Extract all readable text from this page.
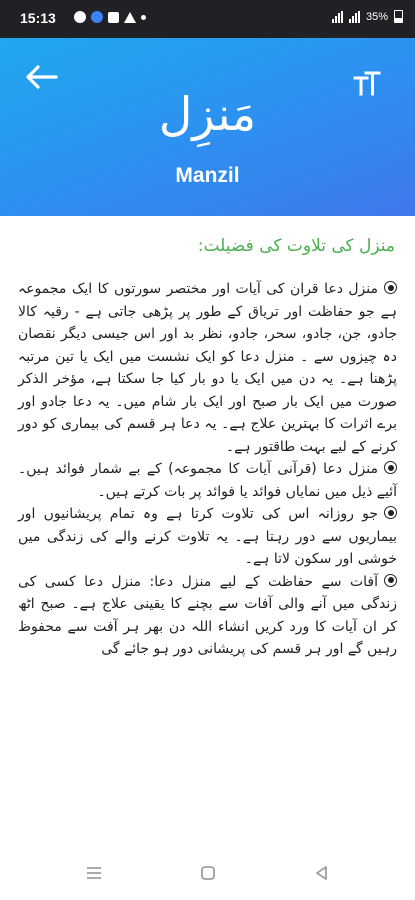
15:13	35%
مَنزِل
Manzil
منزل کی تلاوت کی فضیلت:

منزل دعا قران کی آیات اور مختصر سورتوں کا ایک مجموعہ ہے جو حفاظت اور تریاق کے طور پر پڑھی جاتی ہے - رقیہ کالا جادو، جن، جادو، سحر، جادو، نظر بد اور اس جیسی دیگر نقصان دہ چیزوں سے ۔ منزل دعا کو ایک نشست میں ایک یا تین مرتبہ پڑھنا ہے۔ یہ دن میں ایک یا دو بار کیا جا سکتا ہے، مؤخر الذکر صورت میں ایک بار صبح اور ایک بار شام میں۔ یہ دعا جادو اور برے اثرات کا بہترین علاج ہے۔ یہ دعا ہر قسم کی بیماری کو دور کرنے کے لیے بہت طاقتور ہے۔

منزل دعا (قرآنی آیات کا مجموعہ) کے بے شمار فوائد ہیں۔ آئیے ذیل میں نمایاں فوائد یا فوائد پر بات کرتے ہیں۔

جو روزانہ اس کی تلاوت کرتا ہے وہ تمام پریشانیوں اور بیماریوں سے دور رہتا ہے۔ یہ تلاوت کرنے والے کی زندگی میں خوشی اور سکون لاتا ہے۔

آفات سے حفاظت کے لیے منزل دعا: منزل دعا کسی کی زندگی میں آنے والی آفات سے بچنے کا یقینی علاج ہے۔ صبح اٹھ کر ان آیات کا ورد کریں انشاء اللہ دن بھر ہر آفت سے محفوظ رہیں گے اور ہر قسم کی پریشانی دور ہو جائے گی
